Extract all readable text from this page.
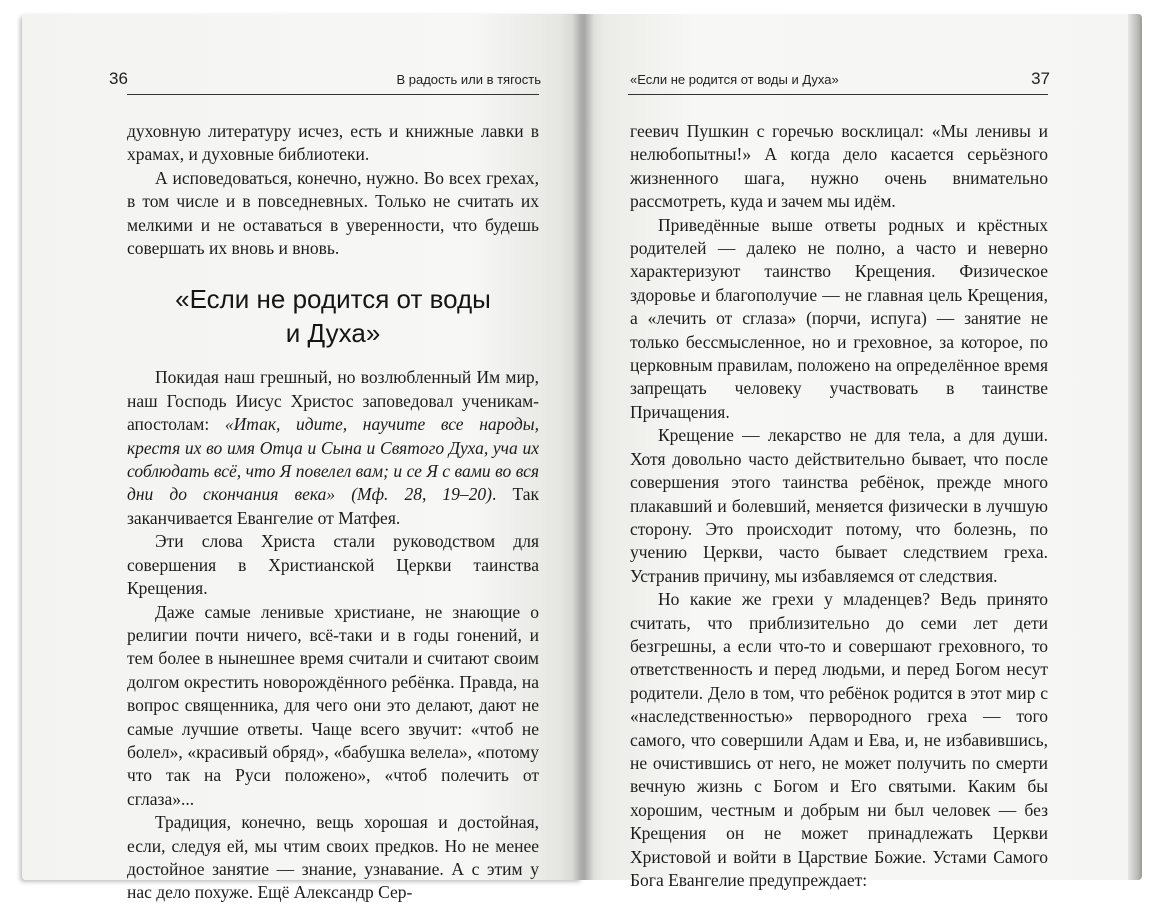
36	В радость или в тягость	«Если не родится от воды и Духа»	37

духовную литературу исчез, есть и книжные лавки в храмах, и духовные библиотеки.

А исповедоваться, конечно, нужно. Во всех грехах, в том числе и в повседневных. Только не считать их мелкими и не оставаться в уверенности, что будешь совершать их вновь и вновь.

«Если не родится от воды
и Духа»

Покидая наш грешный, но возлюбленный Им мир, наш Господь Иисус Христос заповедовал ученикам-апостолам: «Итак, идите, научите все народы, крестя их во имя Отца и Сына и Святого Духа, уча их соблюдать всё, что Я повелел вам; и се Я с вами во вся дни до скончания века» (Мф. 28, 19–20). Так заканчивается Евангелие от Матфея.

Эти слова Христа стали руководством для совершения в Христианской Церкви таинства Крещения.

Даже самые ленивые христиане, не знающие о религии почти ничего, всё-таки и в годы гонений, и тем более в нынешнее время считали и считают своим долгом окрестить новорождённого ребёнка. Правда, на вопрос священника, для чего они это делают, дают не самые лучшие ответы. Чаще всего звучит: «чтоб не болел», «красивый обряд», «бабушка велела», «потому что так на Руси положено», «чтоб полечить от сглаза»...

Традиция, конечно, вещь хорошая и достойная, если, следуя ей, мы чтим своих предков. Но не менее достойное занятие — знание, узнавание. А с этим у нас дело похуже. Ещё Александр Сер-

геевич Пушкин с горечью восклицал: «Мы ленивы и нелюбопытны!» А когда дело касается серьёзного жизненного шага, нужно очень внимательно рассмотреть, куда и зачем мы идём.

Приведённые выше ответы родных и крёстных родителей — далеко не полно, а часто и неверно характеризуют таинство Крещения. Физическое здоровье и благополучие — не главная цель Крещения, а «лечить от сглаза» (порчи, испуга) — занятие не только бессмысленное, но и греховное, за которое, по церковным правилам, положено на определённое время запрещать человеку участвовать в таинстве Причащения.

Крещение — лекарство не для тела, а для души. Хотя довольно часто действительно бывает, что после совершения этого таинства ребёнок, прежде много плакавший и болевший, меняется физически в лучшую сторону. Это происходит потому, что болезнь, по учению Церкви, часто бывает следствием греха. Устранив причину, мы избавляемся от следствия.

Но какие же грехи у младенцев? Ведь принято считать, что приблизительно до семи лет дети безгрешны, а если что-то и совершают греховного, то ответственность и перед людьми, и перед Богом несут родители. Дело в том, что ребёнок родится в этот мир с «наследственностью» первородного греха — того самого, что совершили Адам и Ева, и, не избавившись, не очистившись от него, не может получить по смерти вечную жизнь с Богом и Его святыми. Каким бы хорошим, честным и добрым ни был человек — без Крещения он не может принадлежать Церкви Христовой и войти в Царствие Божие. Устами Самого Бога Евангелие предупреждает:
